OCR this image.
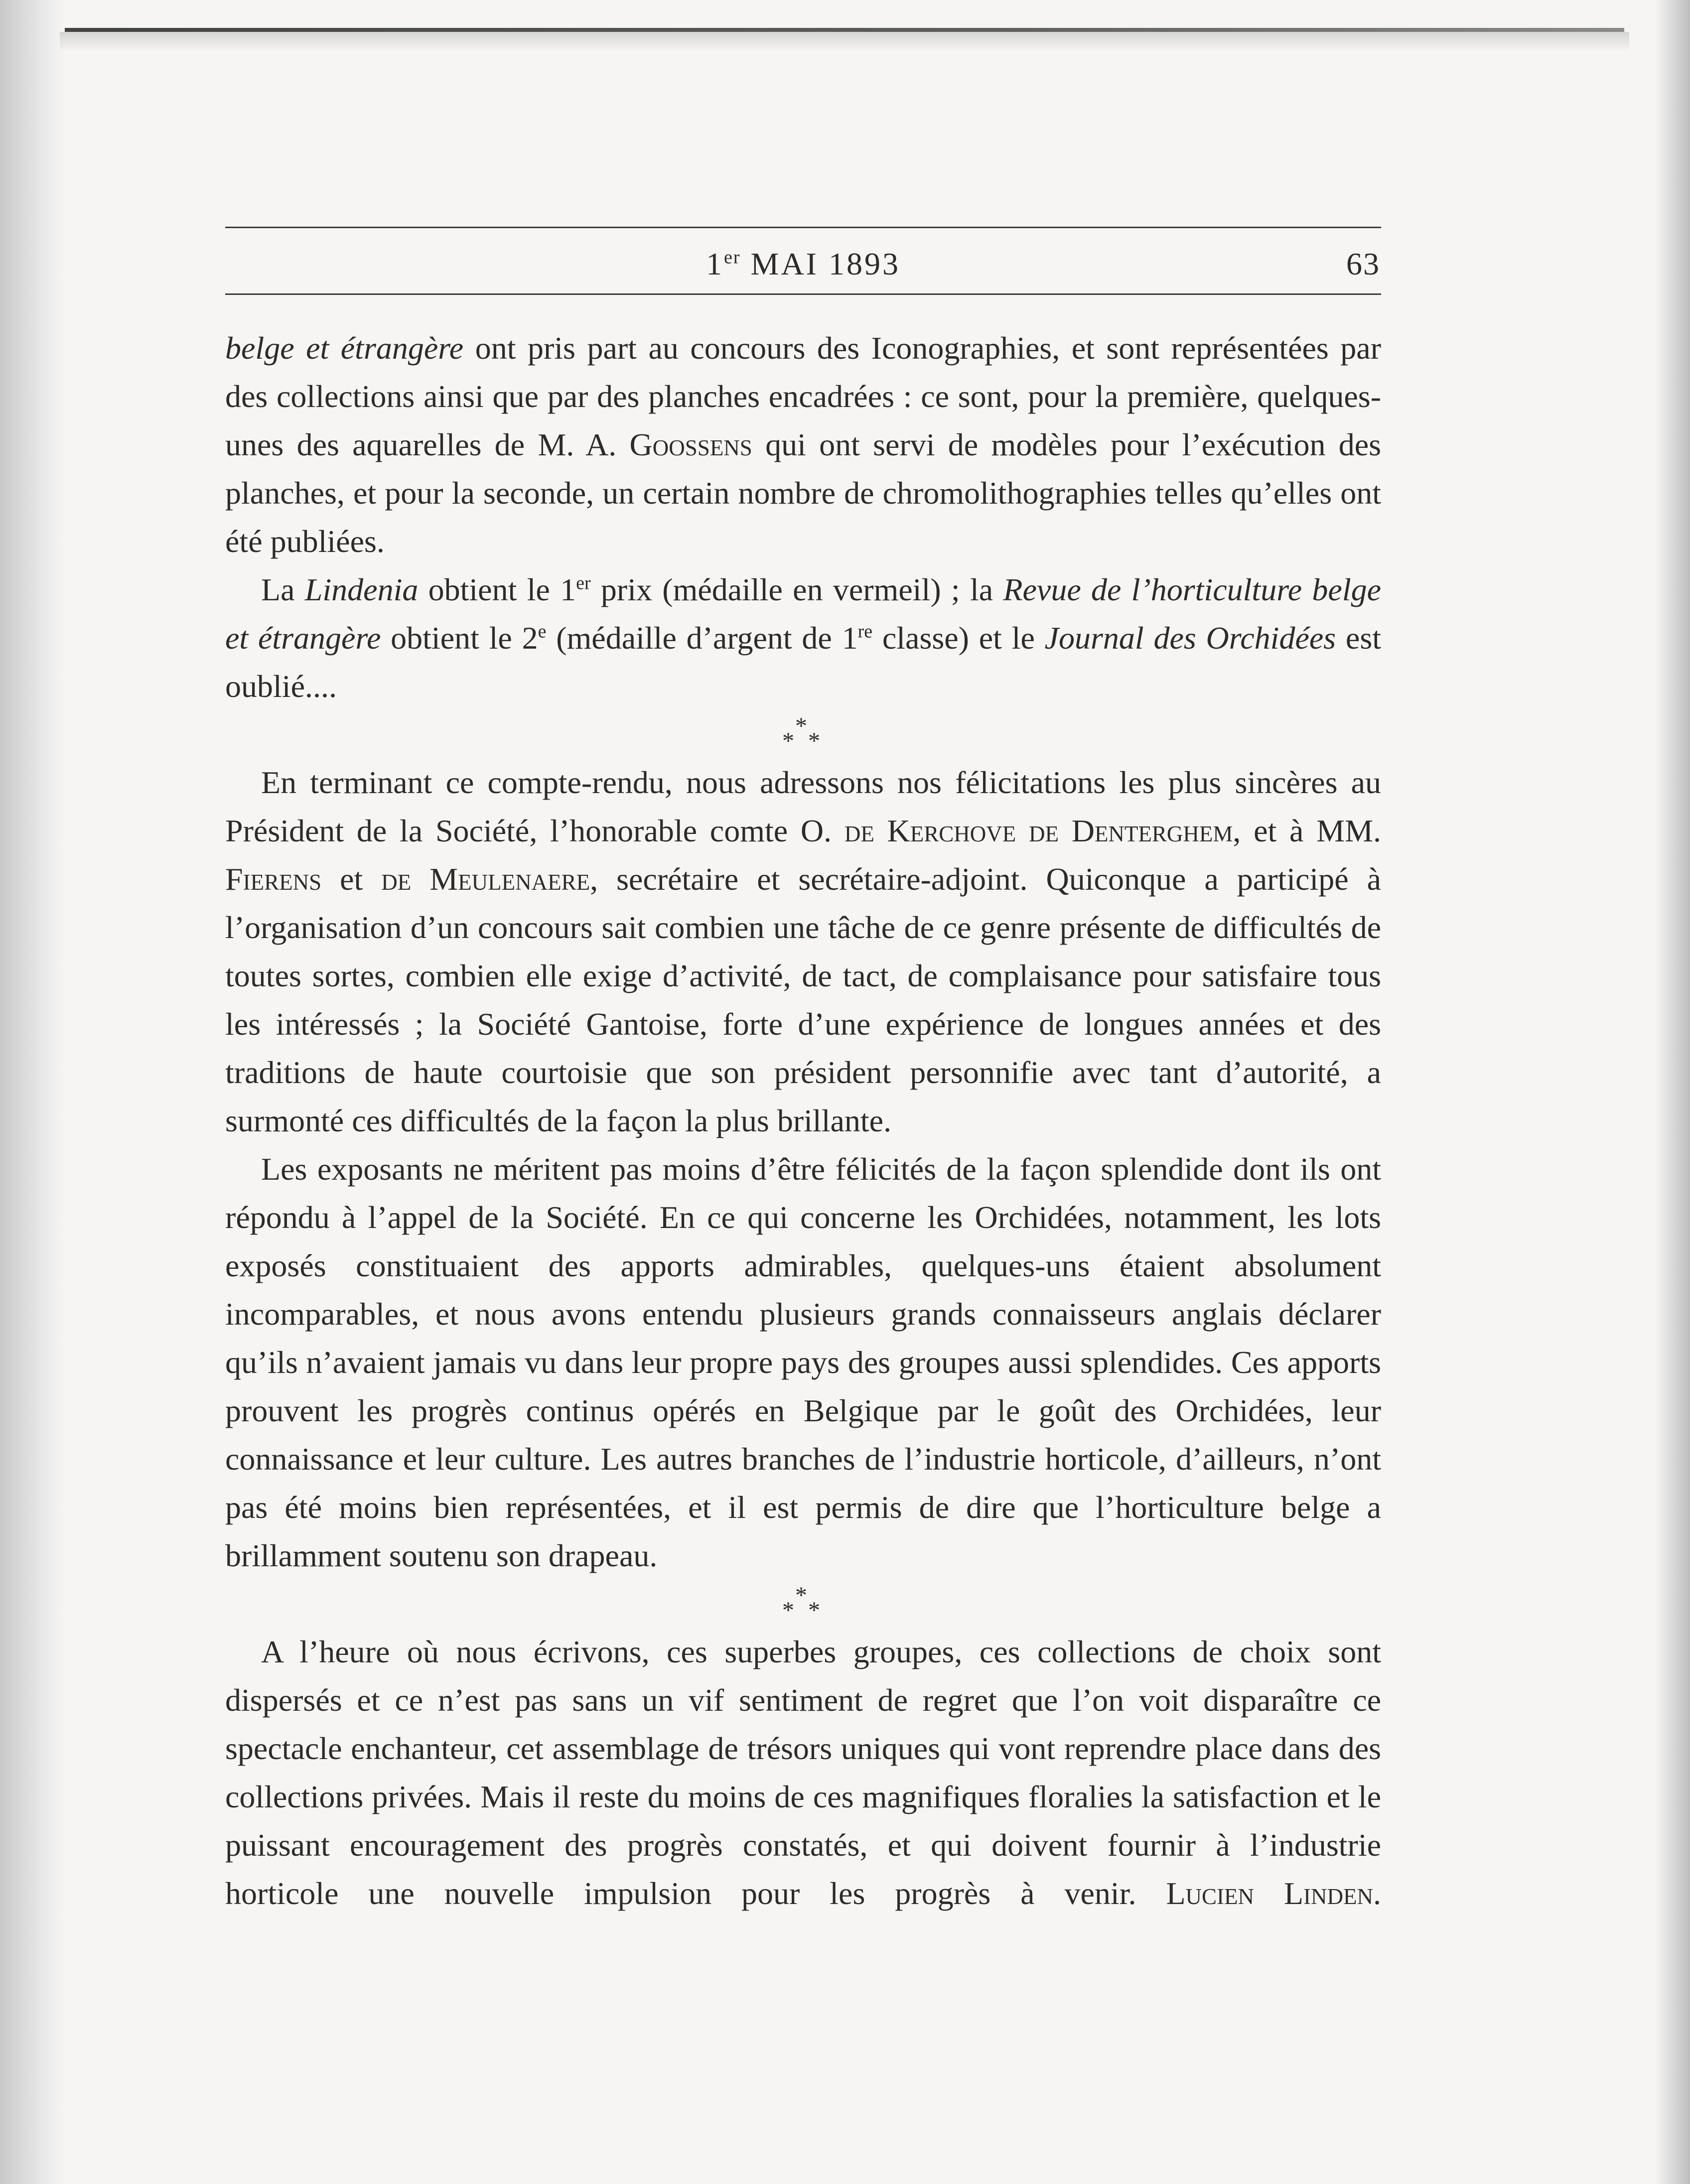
1er MAI 1893	63

belge et étrangère ont pris part au concours des Iconographies, et sont représentées par des collections ainsi que par des planches encadrées : ce sont, pour la première, quelques-unes des aquarelles de M. A. Goossens qui ont servi de modèles pour l’exécution des planches, et pour la seconde, un certain nombre de chromolithographies telles qu’elles ont été publiées.

La Lindenia obtient le 1er prix (médaille en vermeil) ; la Revue de l’horticulture belge et étrangère obtient le 2e (médaille d’argent de 1re classe) et le Journal des Orchidées est oublié....

*
* *

En terminant ce compte-rendu, nous adressons nos félicitations les plus sincères au Président de la Société, l’honorable comte O. de Kerchove de Denterghem, et à MM. Fierens et de Meulenaere, secrétaire et secrétaire-adjoint. Quiconque a participé à l’organisation d’un concours sait combien une tâche de ce genre présente de difficultés de toutes sortes, combien elle exige d’activité, de tact, de complaisance pour satisfaire tous les intéressés ; la Société Gantoise, forte d’une expérience de longues années et des traditions de haute courtoisie que son président personnifie avec tant d’autorité, a surmonté ces difficultés de la façon la plus brillante.

Les exposants ne méritent pas moins d’être félicités de la façon splendide dont ils ont répondu à l’appel de la Société. En ce qui concerne les Orchidées, notamment, les lots exposés constituaient des apports admirables, quelques-uns étaient absolument incomparables, et nous avons entendu plusieurs grands connaisseurs anglais déclarer qu’ils n’avaient jamais vu dans leur propre pays des groupes aussi splendides. Ces apports prouvent les progrès continus opérés en Belgique par le goût des Orchidées, leur connaissance et leur culture. Les autres branches de l’industrie horticole, d’ailleurs, n’ont pas été moins bien représentées, et il est permis de dire que l’horticulture belge a brillamment soutenu son drapeau.

*
* *

A l’heure où nous écrivons, ces superbes groupes, ces collections de choix sont dispersés et ce n’est pas sans un vif sentiment de regret que l’on voit disparaître ce spectacle enchanteur, cet assemblage de trésors uniques qui vont reprendre place dans des collections privées. Mais il reste du moins de ces magnifiques floralies la satisfaction et le puissant encouragement des progrès constatés, et qui doivent fournir à l’industrie horticole une nouvelle impulsion pour les progrès à venir. Lucien Linden.
